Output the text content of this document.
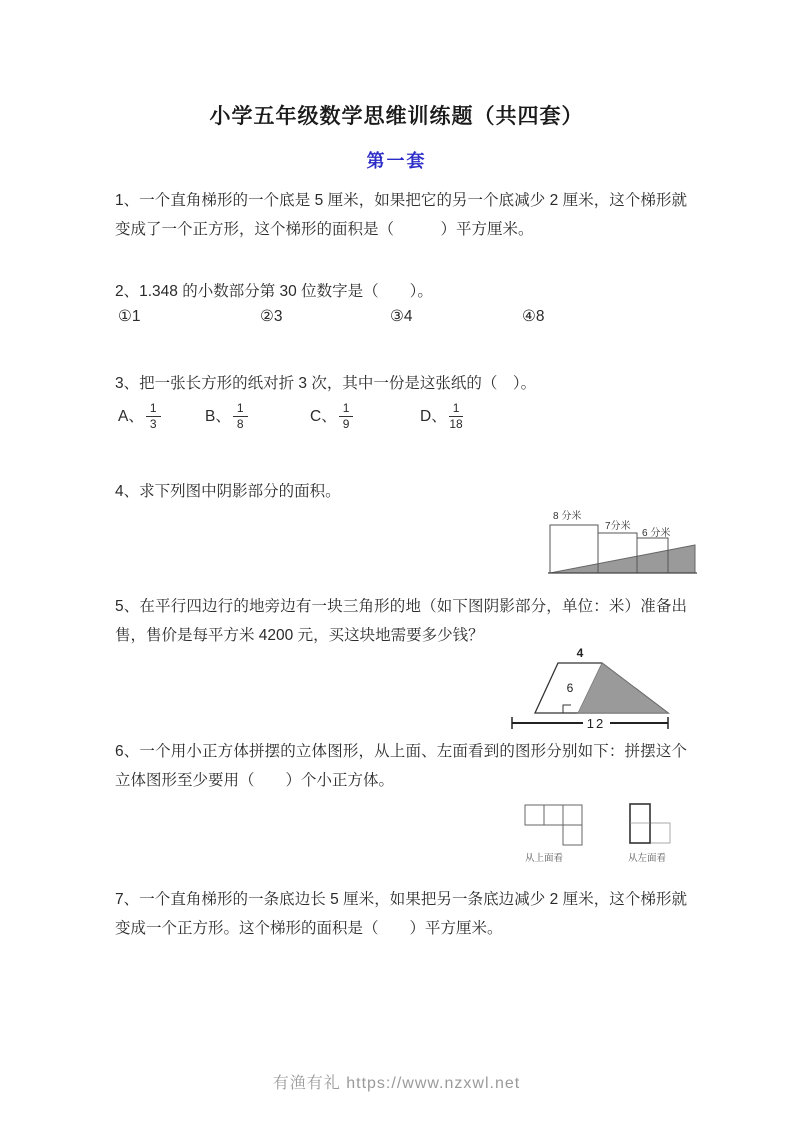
小学五年级数学思维训练题（共四套）
第一套
1、一个直角梯形的一个底是 5 厘米，如果把它的另一个底减少 2 厘米，这个梯形就变成了一个正方形，这个梯形的面积是（　　　）平方厘米。
2、1.348 的小数部分第 30 位数字是（　　）。
①1	②3	③4	④8
3、把一张长方形的纸对折 3 次，其中一份是这张纸的（　）。
A、 $\frac{1}{3}$	B、 $\frac{1}{8}$	C、 $\frac{1}{9}$	D、 $\frac{1}{18}$
4、求下列图中阴影部分的面积。
8 分米
7分米
6 分米
5、在平行四边行的地旁边有一块三角形的地（如下图阴影部分，单位：米）准备出售，售价是每平方米 4200 元，买这块地需要多少钱？
4
6
12
6、一个用小正方体拼摆的立体图形，从上面、左面看到的图形分别如下：拼摆这个立体图形至少要用（　　）个小正方体。
从上面看	从左面看
7、一个直角梯形的一条底边长 5 厘米，如果把另一条底边减少 2 厘米，这个梯形就变成一个正方形。这个梯形的面积是（　　）平方厘米。
有渔有礼 https://www.nzxwl.net
